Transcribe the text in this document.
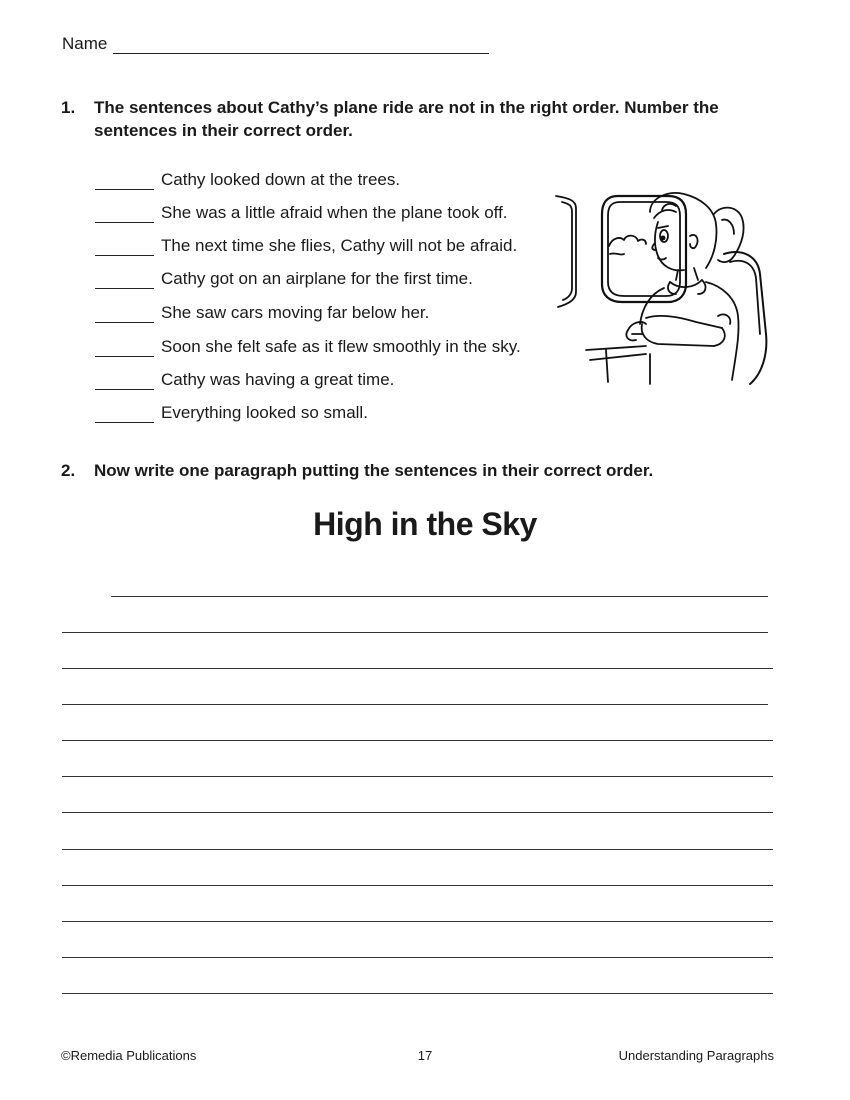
Name
1. The sentences about Cathy’s plane ride are not in the right order. Number the sentences in their correct order.
Cathy looked down at the trees.
She was a little afraid when the plane took off.
The next time she flies, Cathy will not be afraid.
Cathy got on an airplane for the first time.
She saw cars moving far below her.
Soon she felt safe as it flew smoothly in the sky.
Cathy was having a great time.
Everything looked so small.
2. Now write one paragraph putting the sentences in their correct order.
High in the Sky
©Remedia Publications	17	Understanding Paragraphs
